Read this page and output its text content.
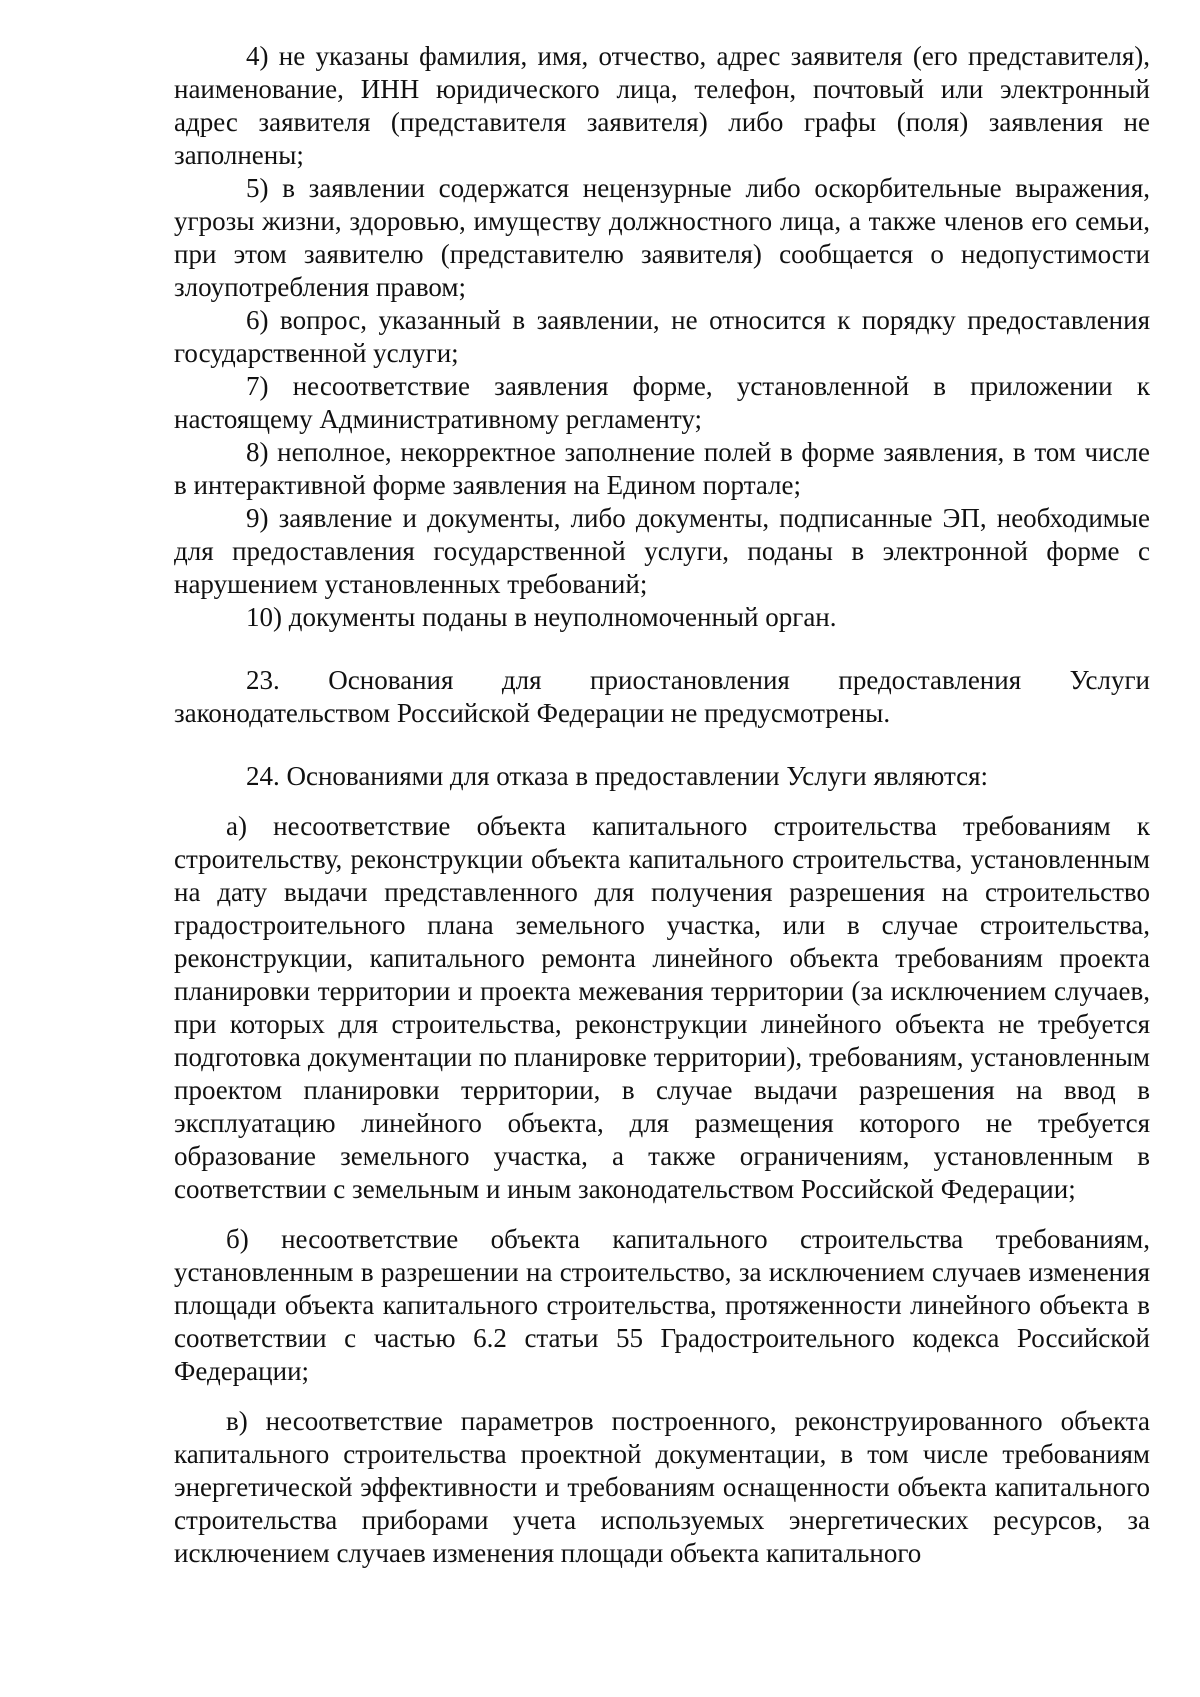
4) не указаны фамилия, имя, отчество, адрес заявителя (его представителя), наименование, ИНН юридического лица, телефон, почтовый или электронный адрес заявителя (представителя заявителя) либо графы (поля) заявления не заполнены;

5) в заявлении содержатся нецензурные либо оскорбительные выражения, угрозы жизни, здоровью, имуществу должностного лица, а также членов его семьи, при этом заявителю (представителю заявителя) сообщается о недопустимости злоупотребления правом;

6) вопрос, указанный в заявлении, не относится к порядку предоставления государственной услуги;

7) несоответствие заявления форме, установленной в приложении к настоящему Административному регламенту;

8) неполное, некорректное заполнение полей в форме заявления, в том числе в интерактивной форме заявления на Едином портале;

9) заявление и документы, либо документы, подписанные ЭП, необходимые для предоставления государственной услуги, поданы в электронной форме с нарушением установленных требований;

10) документы поданы в неуполномоченный орган.

23. Основания для приостановления предоставления Услуги законодательством Российской Федерации не предусмотрены.

24. Основаниями для отказа в предоставлении Услуги являются:

а) несоответствие объекта капитального строительства требованиям к строительству, реконструкции объекта капитального строительства, установленным на дату выдачи представленного для получения разрешения на строительство градостроительного плана земельного участка, или в случае строительства, реконструкции, капитального ремонта линейного объекта требованиям проекта планировки территории и проекта межевания территории (за исключением случаев, при которых для строительства, реконструкции линейного объекта не требуется подготовка документации по планировке территории), требованиям, установленным проектом планировки территории, в случае выдачи разрешения на ввод в эксплуатацию линейного объекта, для размещения которого не требуется образование земельного участка, а также ограничениям, установленным в соответствии с земельным и иным законодательством Российской Федерации;

б) несоответствие объекта капитального строительства требованиям, установленным в разрешении на строительство, за исключением случаев изменения площади объекта капитального строительства, протяженности линейного объекта в соответствии с частью 6.2 статьи 55 Градостроительного кодекса Российской Федерации;

в) несоответствие параметров построенного, реконструированного объекта капитального строительства проектной документации, в том числе требованиям энергетической эффективности и требованиям оснащенности объекта капитального строительства приборами учета используемых энергетических ресурсов, за исключением случаев изменения площади объекта капитального
